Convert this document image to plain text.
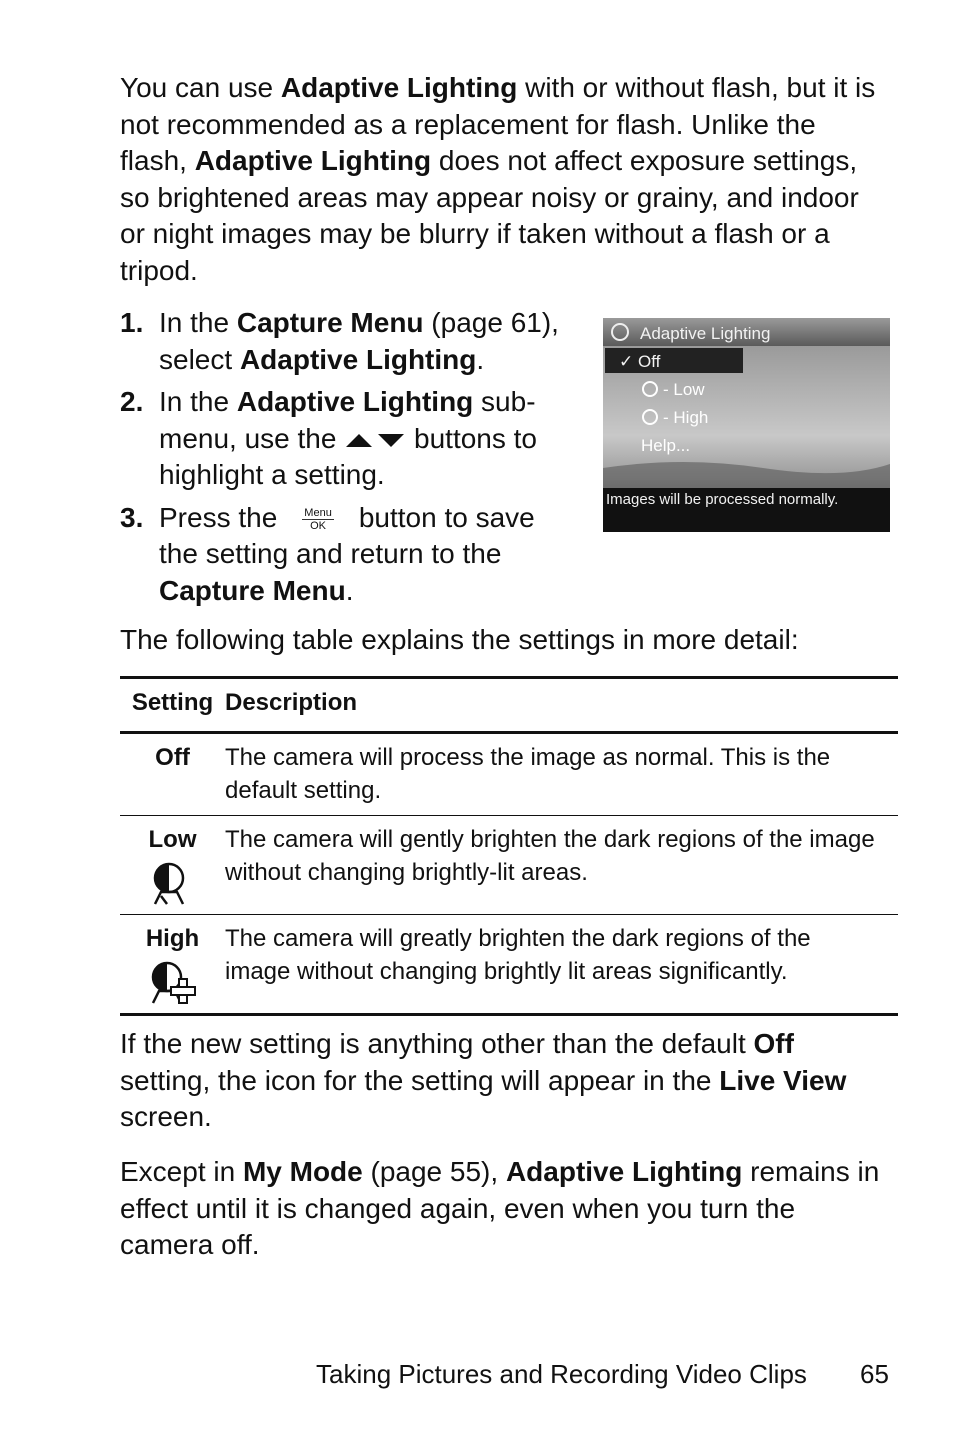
You can use Adaptive Lighting with or without flash, but it is not recommended as a replacement for flash. Unlike the flash, Adaptive Lighting does not affect exposure settings, so brightened areas may appear noisy or grainy, and indoor or night images may be blurry if taken without a flash or a tripod.

1. In the Capture Menu (page 61), select Adaptive Lighting.
2. In the Adaptive Lighting sub-menu, use the  buttons to highlight a setting.
3. Press the Menu
OK button to save the setting and return to the Capture Menu.
Adaptive Lighting
✓ Off
- Low
- High
Help...
Images will be processed normally.

The following table explains the settings in more detail:

Setting	Description
Off	The camera will process the image as normal. This is the default setting.
Low	The camera will gently brighten the dark regions of the image without changing brightly-lit areas.
High	The camera will greatly brighten the dark regions of the image without changing brightly lit areas significantly.

If the new setting is anything other than the default Off setting, the icon for the setting will appear in the Live View screen.

Except in My Mode (page 55), Adaptive Lighting remains in effect until it is changed again, even when you turn the camera off.

Taking Pictures and Recording Video Clips 65
